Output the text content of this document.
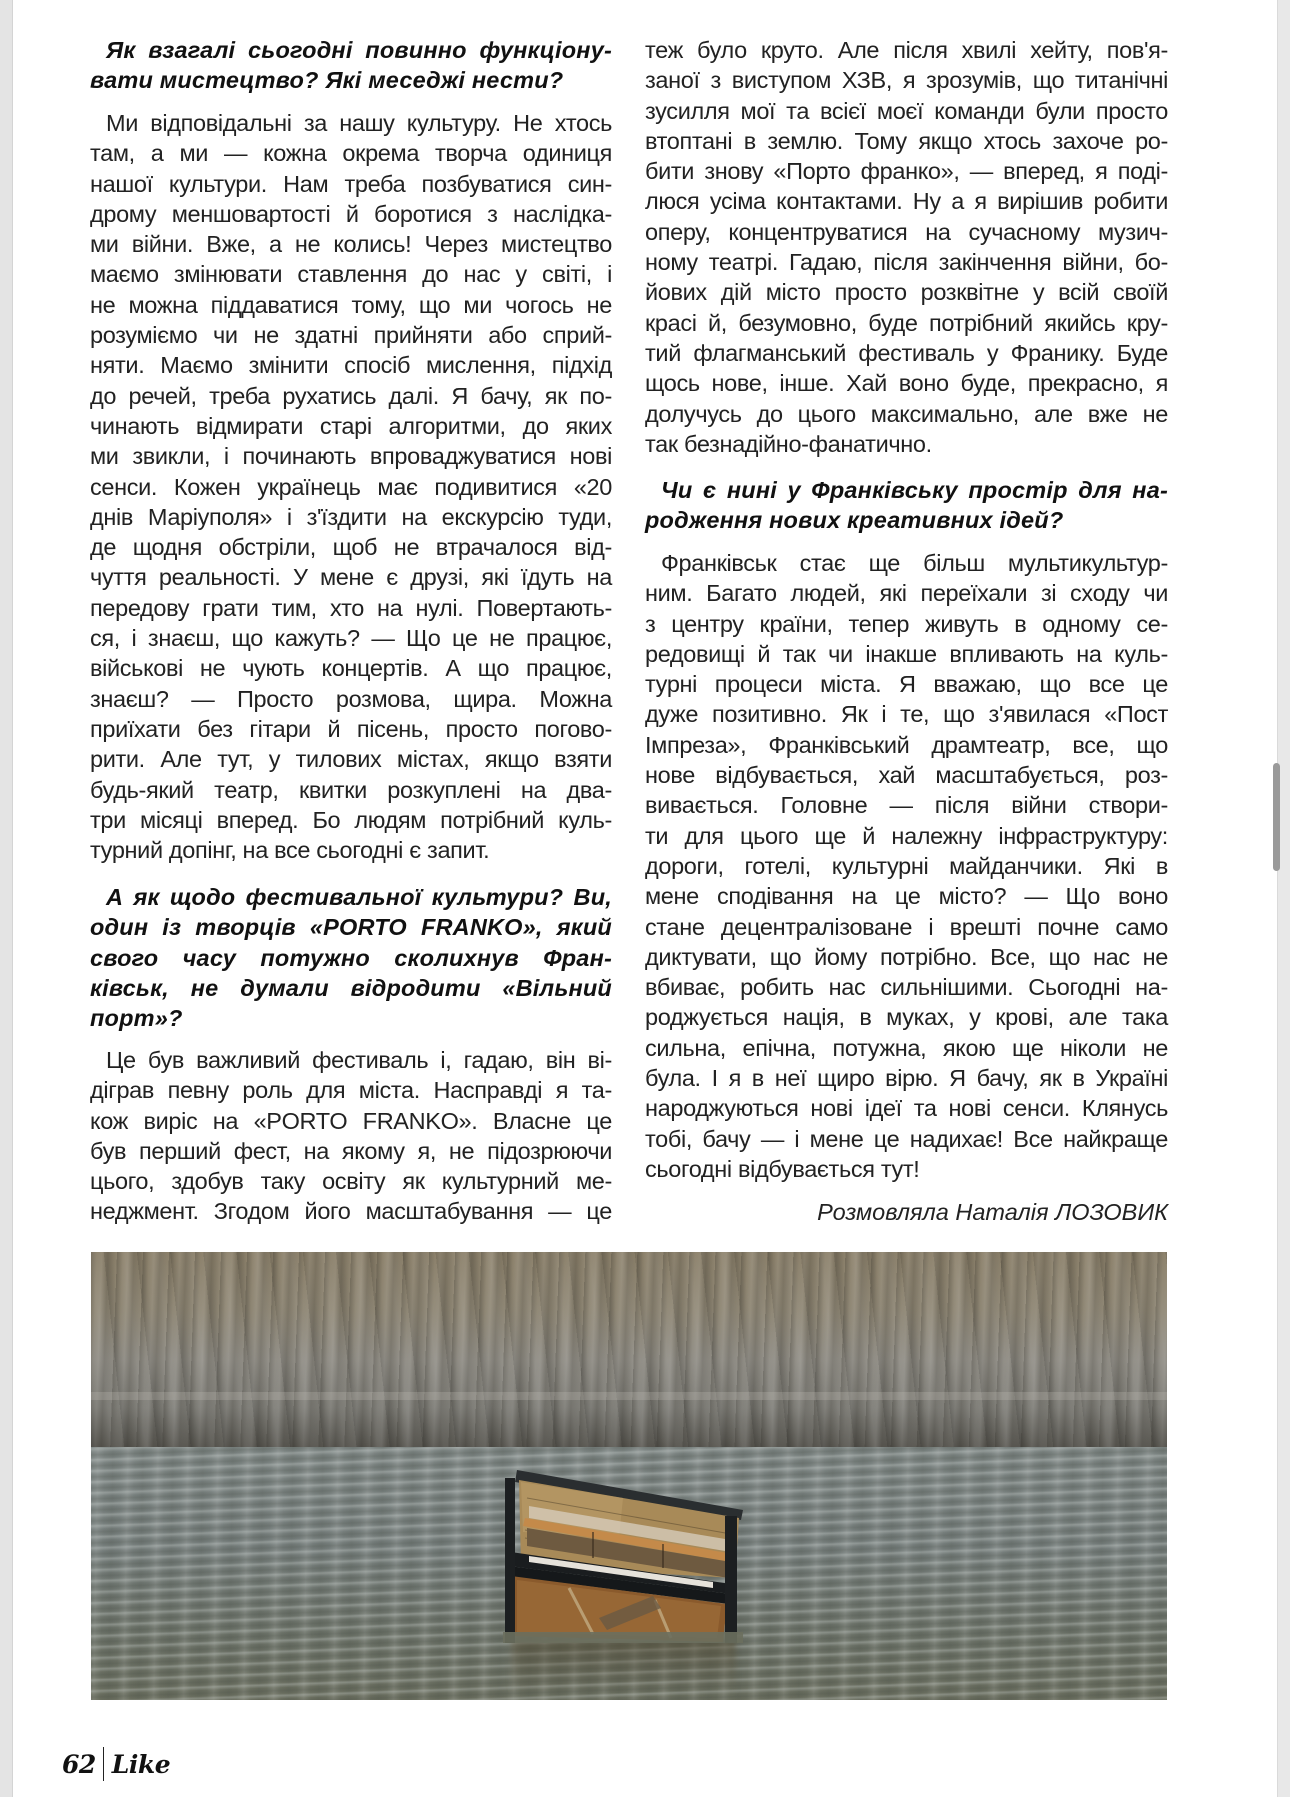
Як взагалі сьогодні повинно функціону-
вати мистецтво? Які меседжі нести?
Ми відповідальні за нашу культуру. Не хтось
там, а ми — кожна окрема творча одиниця
нашої культури. Нам треба позбуватися син-
дрому меншовартості й боротися з наслідка-
ми війни. Вже, а не колись! Через мистецтво
маємо змінювати ставлення до нас у світі, і
не можна піддаватися тому, що ми чогось не
розуміємо чи не здатні прийняти або сприй-
няти. Маємо змінити спосіб мислення, підхід
до речей, треба рухатись далі. Я бачу, як по-
чинають відмирати старі алгоритми, до яких
ми звикли, і починають впроваджуватися нові
сенси. Кожен українець має подивитися «20
днів Маріуполя» і з'їздити на екскурсію туди,
де щодня обстріли, щоб не втрачалося від-
чуття реальності. У мене є друзі, які їдуть на
передову грати тим, хто на нулі. Повертають-
ся, і знаєш, що кажуть? — Що це не працює,
військові не чують концертів. А що працює,
знаєш? — Просто розмова, щира. Можна
приїхати без гітари й пісень, просто погово-
рити. Але тут, у тилових містах, якщо взяти
будь-який театр, квитки розкуплені на два-
три місяці вперед. Бо людям потрібний куль-
турний допінг, на все сьогодні є запит.
А як щодо фестивальної культури? Ви,
один із творців «PORTO FRANKO», який
свого часу потужно сколихнув Фран-
ківськ, не думали відродити «Вільний
порт»?
Це був важливий фестиваль і, гадаю, він ві-
діграв певну роль для міста. Насправді я та-
кож виріс на «PORTO FRANKO». Власне це
був перший фест, на якому я, не підозрюючи
цього, здобув таку освіту як культурний ме-
неджмент. Згодом його масштабування — це
теж було круто. Але після хвилі хейту, пов'я-
заної з виступом ХЗВ, я зрозумів, що титанічні
зусилля мої та всієї моєї команди були просто
втоптані в землю. Тому якщо хтось захоче ро-
бити знову «Порто франко», — вперед, я поді-
люся усіма контактами. Ну а я вирішив робити
оперу, концентруватися на сучасному музич-
ному театрі. Гадаю, після закінчення війни, бо-
йових дій місто просто розквітне у всій своїй
красі й, безумовно, буде потрібний якийсь кру-
тий флагманський фестиваль у Франику. Буде
щось нове, інше. Хай воно буде, прекрасно, я
долучусь до цього максимально, але вже не
так безнадійно-фанатично.
Чи є нині у Франківську простір для на-
родження нових креативних ідей?
Франківськ стає ще більш мультикультур-
ним. Багато людей, які переїхали зі сходу чи
з центру країни, тепер живуть в одному се-
редовищі й так чи інакше впливають на куль-
турні процеси міста. Я вважаю, що все це
дуже позитивно. Як і те, що з'явилася «Пост
Імпреза», Франківський драмтеатр, все, що
нове відбувається, хай масштабується, роз-
вивається. Головне — після війни створи-
ти для цього ще й належну інфраструктуру:
дороги, готелі, культурні майданчики. Які в
мене сподівання на це місто? — Що воно
стане децентралізоване і врешті почне само
диктувати, що йому потрібно. Все, що нас не
вбиває, робить нас сильнішими. Сьогодні на-
роджується нація, в муках, у крові, але така
сильна, епічна, потужна, якою ще ніколи не
була. І я в неї щиро вірю. Я бачу, як в Україні
народжуються нові ідеї та нові сенси. Клянусь
тобі, бачу — і мене це надихає! Все найкраще
сьогодні відбувається тут!
Розмовляла Наталія ЛОЗОВИК
62 Like
